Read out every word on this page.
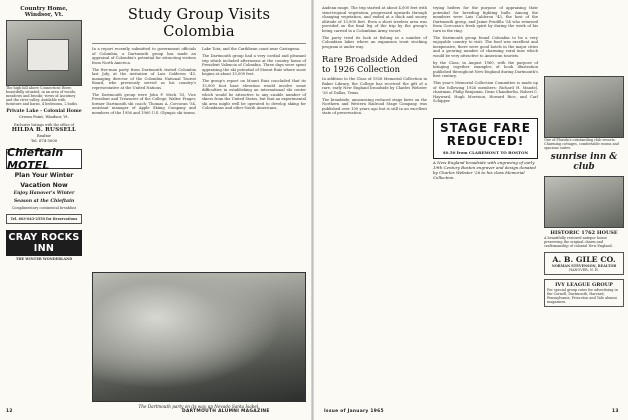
Country Home, Windsor, Vt.
The high hill above Connecticut River, beautifully situated, in an area of woods, meadows and brooks; views of Ascutney and the river valley. Available with furniture and barns, 4 bedrooms, 2 baths.
Private Lake - Colonial Home
Crown Point, Windsor, Vt.
Exclusive listings with the office of
HILDA B. RUSSELL
Realtor
Tel. 674-5000
Chieftain MOTEL
Plan Your Winter
Vacation Now
Enjoy Hanover's Winter
Season at the Chieftain
Complimentary continental breakfast
Tel. 603-643-2550 for Reservations
CRAY ROCKS INN
THE WINTER WONDERLAND
Study Group Visits Colombia

In a report recently submitted to government officials of Colombia, a Dartmouth group has made an appraisal of Colombia's potential for attracting visitors from North America.

The five-man party from Dartmouth visited Colombia last July, at the invitation of Luis Calderon '43, managing director of the Colombia National Tourist Board, who previously served as his country's representative at the United Nations.

The Dartmouth group were John F. Meck '33, Vice President and Treasurer of the College; Walter Prager, former Dartmouth ski coach; Thomas A. Corcoran '54, assistant manager of Apple Skiing Company and members of the 1956 and 1960 U.S. Olympic ski teams.

Lake Tota; and the Caribbean coast near Cartagena.

The Dartmouth group had a very cordial and pleasant trip which included afternoons at the country home of President Valencia of Colombia. Three days were spent appraising the ski potential of Mount Ruiz where snow begins at about 15,000 feet.

The group's report on Mount Ruiz concluded that its 15,000 foot base elevation would involve some difficulties in establishing an international ski center which would be attractive to any sizable number of skiers from the United States, but that an experimental ski area might well be operated to develop skiing for Colombians and other South Americans.

The Dartmouth party on its way up Nevado Santa Isabel.
12	DARTMOUTH ALUMNI MAGAZINE

Andean range. The trip started at about 4,000 feet with semi-tropical vegetation, progressed upwards through changing vegetation, and ended at a thick and snowy altitude of 13,000 feet. Even a short treeless area was provided on the final leg of the trip by the group's being carried in a Colombian Army escort.

The party tried its luck at fishing in a number of Colombian lakes where an expansion trout stocking program is under way.

Rare Broadside Added
to 1926 Collection

In addition to the Class of 1926 Memorial Collection in Baker Library, the College has received the gift of a rare, early New England broadside by Charles Webster '26 of Dallas, Texas.

The broadside, announcing reduced stage fares on the Northern and Western Railroad Stage Company, was published over 100 years ago but is still in an excellent state of preservation.

trying heifers for the purpose of appraising their potential for breeding fighting bulls. Among the members were Luis Calderon '43, the host of the Dartmouth group, and Jaime Prudilla '54 who returned from Corcoran's fresh spirit by during the week of his turn in the ring.

The Dartmouth group found Colombia to be a very enjoyable country to visit. The food was excellent and inexpensive, there were good hotels in the major cities and a growing number of charming rural inns which would be very attractive to American tourists.

by the Class, in August 1960, with the purpose of bringing together examples of book illustration published throughout New England during Dartmouth's first century.

This year's Memorial Collection Committee is made up of the following 1926 members: Richard H. Mandel, chairman, Philip Benjamin, Dean Chamberlin, Robert C. Hayward, Hugh Morrison, Howard Rice, and Carl Schipper.

STAGE FARE
REDUCED!
$0.50 from CLAREMONT TO BOSTON
A New England broadside with engraving of early 19th Century Boston engraver and design donated by Charles Webster '26 to his class Memorial Collection.
One of Florida's outstanding club resorts. Charming cottages, comfortable rooms and spacious suites.
sunrise inn & club
HISTORIC 1762 HOUSE
A beautifully restored antique house preserving the original charm and craftsmanship of colonial New England.
A. B. GILE CO.
NORMAN STEVENSON, REALTOR
HANOVER, N. H.
IVY LEAGUE GROUP
For special group rates for advertising in the Cornell, Dartmouth, Harvard, Pennsylvania, Princeton and Yale alumni magazines.
Issue of January 1965	13
